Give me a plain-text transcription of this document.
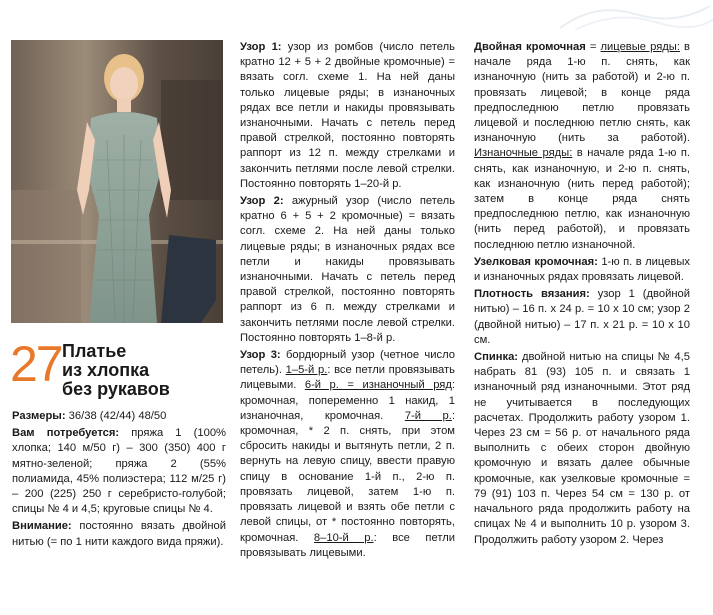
27 Платье
из хлопка
без рукавов

Размеры: 36/38 (42/44) 48/50

Вам потребуется: пряжа 1 (100% хлопка; 140 м/50 г) – 300 (350) 400 г мятно-зеленой; пряжа 2 (55% полиамида, 45% полиэстера; 112 м/25 г) – 200 (225) 250 г серебристо-голубой; спицы № 4 и 4,5; круговые спицы № 4.

Внимание: постоянно вязать двойной нитью (= по 1 нити каждого вида пряжи).

Узор 1: узор из ромбов (число петель кратно 12 + 5 + 2 двойные кромочные) = вязать согл. схеме 1. На ней даны только лицевые ряды; в изнаночных рядах все петли и накиды провязывать изнаночными. Начать с петель перед правой стрелкой, постоянно повторять раппорт из 12 п. между стрелками и закончить петлями после левой стрелки. Постоянно повторять 1–20-й р.

Узор 2: ажурный узор (число петель кратно 6 + 5 + 2 кромочные) = вязать согл. схеме 2. На ней даны только лицевые ряды; в изнаночных рядах все петли и накиды провязывать изнаночными. Начать с петель перед правой стрелкой, постоянно повторять раппорт из 6 п. между стрелками и закончить петлями после левой стрелки. Постоянно повторять 1–8-й р.

Узор 3: бордюрный узор (четное число петель). 1–5-й р.: все петли провязывать лицевыми. 6-й р. = изнаночный ряд: кромочная, попеременно 1 накид, 1 изнаночная, кромочная. 7-й р.: кромочная, * 2 п. снять, при этом сбросить накиды и вытянуть петли, 2 п. вернуть на левую спицу, ввести правую спицу в основание 1-й п., 2-ю п. провязать лицевой, затем 1-ю п. провязать лицевой и взять обе петли с левой спицы, от * постоянно повторять, кромочная. 8–10-й р.: все петли провязывать лицевыми.

Двойная кромочная = лицевые ряды: в начале ряда 1-ю п. снять, как изнаночную (нить за работой) и 2-ю п. провязать лицевой; в конце ряда предпоследнюю петлю провязать лицевой и последнюю петлю снять, как изнаночную (нить за работой). Изнаночные ряды: в начале ряда 1-ю п. снять, как изнаночную, и 2-ю п. снять, как изнаночную (нить перед работой); затем в конце ряда снять предпоследнюю петлю, как изнаночную (нить перед работой), и провязать последнюю петлю изнаночной.

Узелковая кромочная: 1-ю п. в лицевых и изнаночных рядах провязать лицевой.

Плотность вязания: узор 1 (двойной нитью) – 16 п. х 24 р. = 10 х 10 см; узор 2 (двойной нитью) – 17 п. х 21 р. = 10 х 10 см.

Спинка: двойной нитью на спицы № 4,5 набрать 81 (93) 105 п. и связать 1 изнаночный ряд изнаночными. Этот ряд не учитывается в последующих расчетах. Продолжить работу узором 1. Через 23 см = 56 р. от начального ряда выполнить с обеих сторон двойную кромочную и вязать далее обычные кромочные, как узелковые кромочные = 79 (91) 103 п. Через 54 см = 130 р. от начального ряда продолжить работу на спицах № 4 и выполнить 10 р. узором 3. Продолжить работу узором 2. Через
